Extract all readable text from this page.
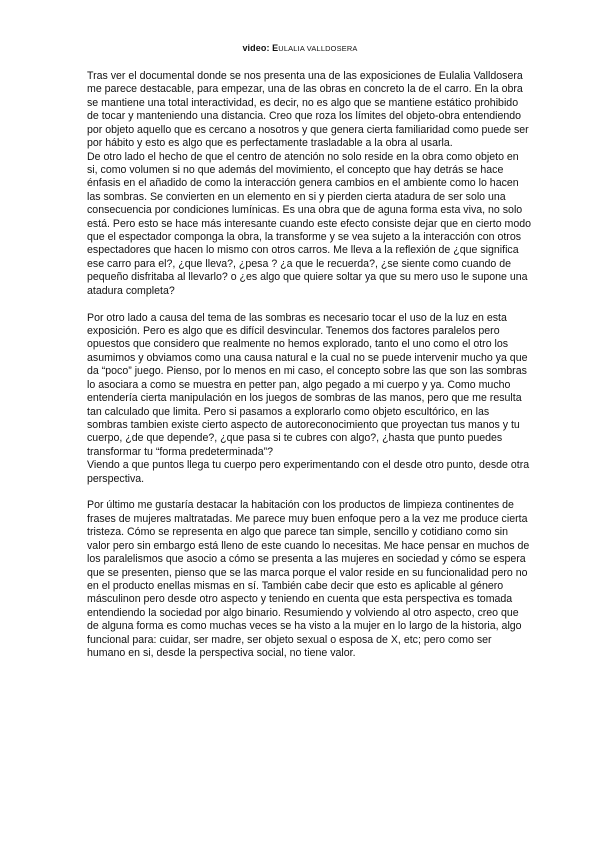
video: EULALIA VALLDOSERA

Tras ver el documental donde se nos presenta una de las exposiciones de Eulalia Valldosera me parece destacable, para empezar, una de las obras en concreto la de el carro. En la obra se mantiene una total interactividad, es decir, no es algo que se mantiene estático prohibido de tocar y manteniendo una distancia. Creo que roza los límites del objeto-obra entendiendo por objeto aquello que es cercano a nosotros y que genera cierta familiaridad como puede ser por hábito y esto es algo que es perfectamente trasladable a la obra al usarla.

De otro lado el hecho de que el centro de atención no solo reside en la obra como objeto en si, como volumen si no que además del movimiento, el concepto que hay detrás se hace énfasis en el añadido de como la interacción genera cambios en el ambiente como lo hacen las sombras. Se convierten en un elemento en si y pierden cierta atadura de ser solo una consecuencia por condiciones lumínicas. Es una obra que de aguna forma esta viva, no solo está. Pero esto se hace más interesante cuando este efecto consiste dejar que en cierto modo que el espectador componga la obra, la transforme y se vea sujeto a la interacción con otros espectadores que hacen lo mismo con otros carros. Me lleva a la reflexión de ¿que significa ese carro para el?, ¿que lleva?, ¿pesa ? ¿a que le recuerda?, ¿se siente como cuando de pequeño disfritaba al llevarlo? o ¿es algo que quiere soltar ya que su mero uso le supone una atadura completa?

Por otro lado a causa del tema de las sombras es necesario tocar el uso de la luz en esta exposición. Pero es algo que es difícil desvincular. Tenemos dos factores paralelos pero opuestos que considero que realmente no hemos explorado, tanto el uno como el otro los asumimos y obviamos como una causa natural e la cual no se puede intervenir mucho ya que da “poco” juego. Pienso, por lo menos en mi caso, el concepto sobre las que son las sombras lo asociara a como se muestra en petter pan, algo pegado a mi cuerpo y ya. Como mucho entendería cierta manipulación en los juegos de sombras de las manos, pero que me resulta tan calculado que limita. Pero si pasamos a explorarlo como objeto escultórico, en las sombras tambien existe cierto aspecto de autoreconocimiento que proyectan tus manos y tu cuerpo, ¿de que depende?, ¿que pasa si te cubres con algo?, ¿hasta que punto puedes transformar tu “forma predeterminada”?

Viendo a que puntos llega tu cuerpo pero experimentando con el desde otro punto, desde otra perspectiva.

Por último me gustaría destacar la habitación con los productos de limpieza continentes de frases de mujeres maltratadas. Me parece muy buen enfoque pero a la vez me produce cierta tristeza. Cómo se representa en algo que parece tan simple, sencillo y cotidiano como sin valor pero sin embargo está lleno de este cuando lo necesitas. Me hace pensar en muchos de los paralelismos que asocio a cómo se presenta a las mujeres en sociedad y cómo se espera que se presenten, pienso que se las marca porque el valor reside en su funcionalidad pero no en el producto enellas mismas en sí. También cabe decir que esto es aplicable al género másculinon pero desde otro aspecto y teniendo en cuenta que esta perspectiva es tomada entendiendo la sociedad por algo binario. Resumiendo y volviendo al otro aspecto, creo que de alguna forma es como muchas veces se ha visto a la mujer en lo largo de la historia, algo funcional para: cuidar, ser madre, ser objeto sexual o esposa de X, etc; pero como ser humano en si, desde la perspectiva social, no tiene valor.
